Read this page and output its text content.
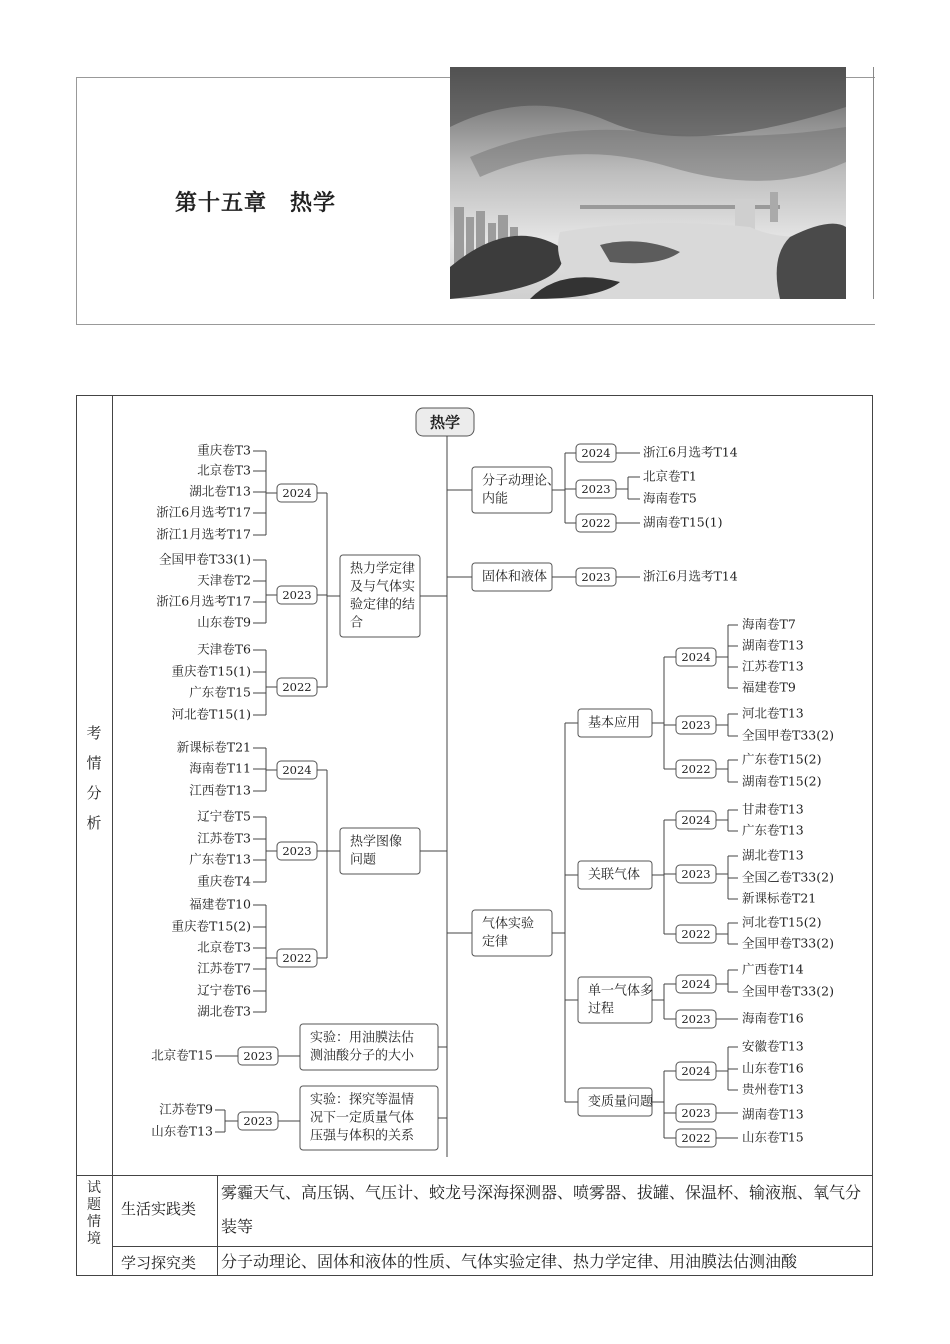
第十五章　热学
考
情
分
析
试
题
情
境
生活实践类
雾霾天气、高压锅、气压计、蛟龙号深海探测器、喷雾器、拔罐、保温杯、输液瓶、氧气分装等
学习探究类 分子动理论、固体和液体的性质、气体实验定律、热力学定律、用油膜法估测油酸
热学
热力学定律
及与气体实
验定律的结
合
重庆卷T3
北京卷T3
湖北卷T13
浙江6月选考T17
浙江1月选考T17
2024
全国甲卷T33(1)
天津卷T2
浙江6月选考T17
山东卷T9
2023
天津卷T6
重庆卷T15(1)
广东卷T15
河北卷T15(1)
2022
热学图像
问题
新课标卷T21
海南卷T11
江西卷T13
2024
辽宁卷T5
江苏卷T3
广东卷T13
重庆卷T4
2023
福建卷T10
重庆卷T15(2)
北京卷T3
江苏卷T7
辽宁卷T6
湖北卷T3
2022
实验：用油膜法估
测油酸分子的大小
北京卷T15	2023
实验：探究等温情
况下一定质量气体
压强与体积的关系
江苏卷T9
山东卷T13
2023
分子动理论、
内能
2024	浙江6月选考T14
2023
北京卷T1
海南卷T5
2022	湖南卷T15(1)
固体和液体	2023	浙江6月选考T14
气体实验
定律
基本应用
2024
海南卷T7
湖南卷T13
江苏卷T13
福建卷T9
2023
河北卷T13
全国甲卷T33(2)
2022
广东卷T15(2)
湖南卷T15(2)
关联气体
2024
甘肃卷T13
广东卷T13
2023
湖北卷T13
全国乙卷T33(2)
新课标卷T21
2022
河北卷T15(2)
全国甲卷T33(2)
单一气体多
过程
2024
广西卷T14
全国甲卷T33(2)
2023	海南卷T16
变质量问题
2024
安徽卷T13
山东卷T16
贵州卷T13
2023	湖南卷T13
2022	山东卷T15
